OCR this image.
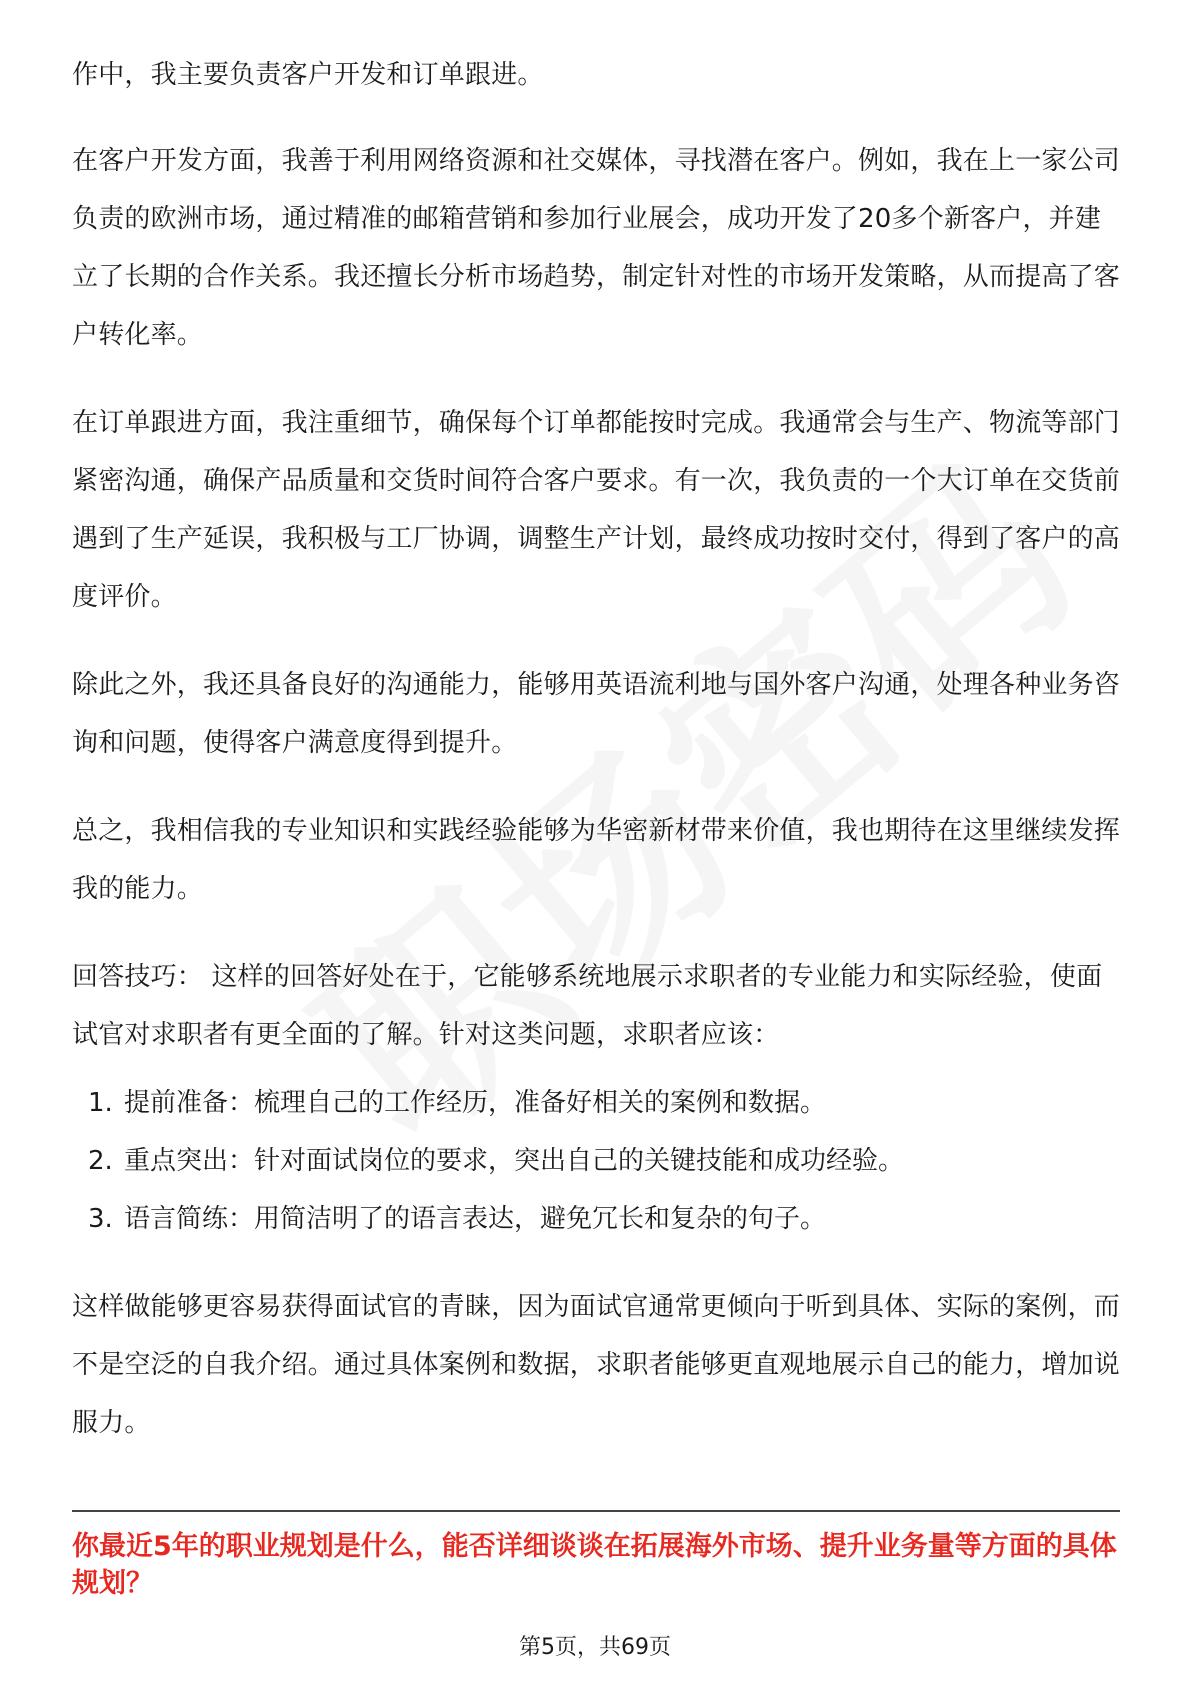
作中，我主要负责客户开发和订单跟进。

在客户开发方面，我善于利用网络资源和社交媒体，寻找潜在客户。例如，我在上一家公司负责的欧洲市场，通过精准的邮箱营销和参加行业展会，成功开发了20多个新客户，并建立了长期的合作关系。我还擅长分析市场趋势，制定针对性的市场开发策略，从而提高了客户转化率。

在订单跟进方面，我注重细节，确保每个订单都能按时完成。我通常会与生产、物流等部门紧密沟通，确保产品质量和交货时间符合客户要求。有一次，我负责的一个大订单在交货前遇到了生产延误，我积极与工厂协调，调整生产计划，最终成功按时交付，得到了客户的高度评价。

除此之外，我还具备良好的沟通能力，能够用英语流利地与国外客户沟通，处理各种业务咨询和问题，使得客户满意度得到提升。

总之，我相信我的专业知识和实践经验能够为华密新材带来价值，我也期待在这里继续发挥我的能力。

回答技巧： 这样的回答好处在于，它能够系统地展示求职者的专业能力和实际经验，使面试官对求职者有更全面的了解。针对这类问题，求职者应该：

1. 提前准备：梳理自己的工作经历，准备好相关的案例和数据。
2. 重点突出：针对面试岗位的要求，突出自己的关键技能和成功经验。
3. 语言简练：用简洁明了的语言表达，避免冗长和复杂的句子。

这样做能够更容易获得面试官的青睐，因为面试官通常更倾向于听到具体、实际的案例，而不是空泛的自我介绍。通过具体案例和数据，求职者能够更直观地展示自己的能力，增加说服力。

你最近5年的职业规划是什么，能否详细谈谈在拓展海外市场、提升业务量等方面的具体规划？
第5页，共69页
